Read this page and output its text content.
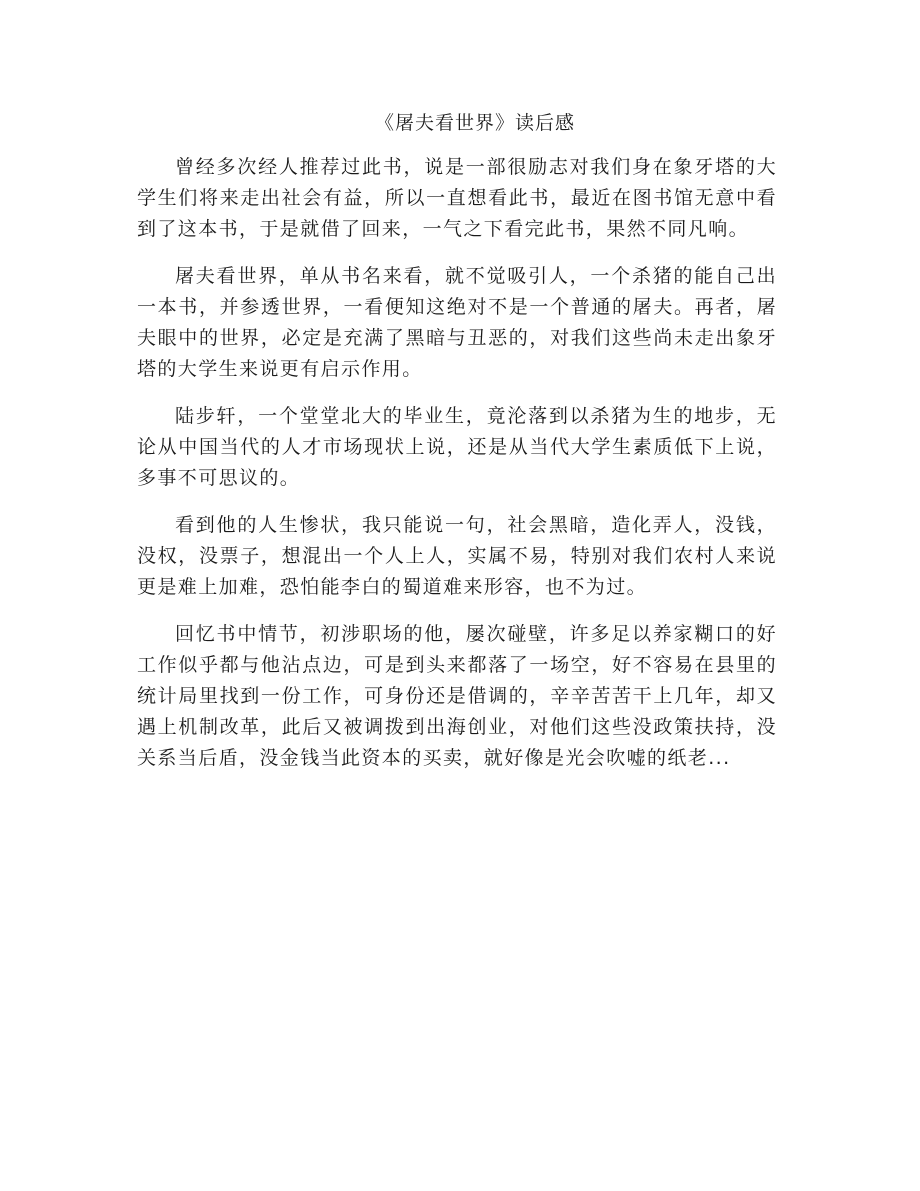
《屠夫看世界》读后感

曾经多次经人推荐过此书，说是一部很励志对我们身在象牙塔的大学生们将来走出社会有益，所以一直想看此书，最近在图书馆无意中看到了这本书，于是就借了回来，一气之下看完此书，果然不同凡响。

屠夫看世界，单从书名来看，就不觉吸引人，一个杀猪的能自己出一本书，并参透世界，一看便知这绝对不是一个普通的屠夫。再者，屠夫眼中的世界，必定是充满了黑暗与丑恶的，对我们这些尚未走出象牙塔的大学生来说更有启示作用。

陆步轩，一个堂堂北大的毕业生，竟沦落到以杀猪为生的地步，无论从中国当代的人才市场现状上说，还是从当代大学生素质低下上说，多事不可思议的。

看到他的人生惨状，我只能说一句，社会黑暗，造化弄人，没钱，没权，没票子，想混出一个人上人，实属不易，特别对我们农村人来说更是难上加难，恐怕能李白的蜀道难来形容，也不为过。

回忆书中情节，初涉职场的他，屡次碰壁，许多足以养家糊口的好工作似乎都与他沾点边，可是到头来都落了一场空，好不容易在县里的统计局里找到一份工作，可身份还是借调的，辛辛苦苦干上几年，却又遇上机制改革，此后又被调拨到出海创业，对他们这些没政策扶持，没关系当后盾，没金钱当此资本的买卖，就好像是光会吹嘘的纸老...
